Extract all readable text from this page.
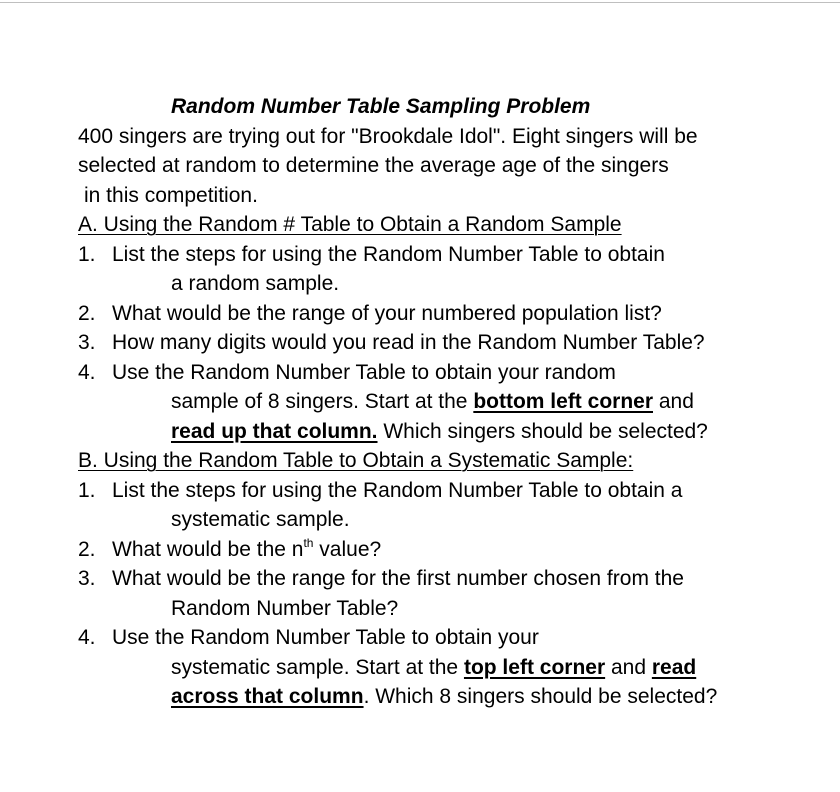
Random Number Table Sampling Problem
400 singers are trying out for "Brookdale Idol". Eight singers will be
selected at random to determine the average age of the singers
in this competition.
A. Using the Random # Table to Obtain a Random Sample
1. List the steps for using the Random Number Table to obtain
a random sample.
2. What would be the range of your numbered population list?
3. How many digits would you read in the Random Number Table?
4. Use the Random Number Table to obtain your random
sample of 8 singers. Start at the bottom left corner and
read up that column. Which singers should be selected?
B. Using the Random Table to Obtain a Systematic Sample:
1. List the steps for using the Random Number Table to obtain a
systematic sample.
2. What would be the $n^{th}$ value?
3. What would be the range for the first number chosen from the
Random Number Table?
4. Use the Random Number Table to obtain your
systematic sample. Start at the top left corner and read
across that column. Which 8 singers should be selected?
